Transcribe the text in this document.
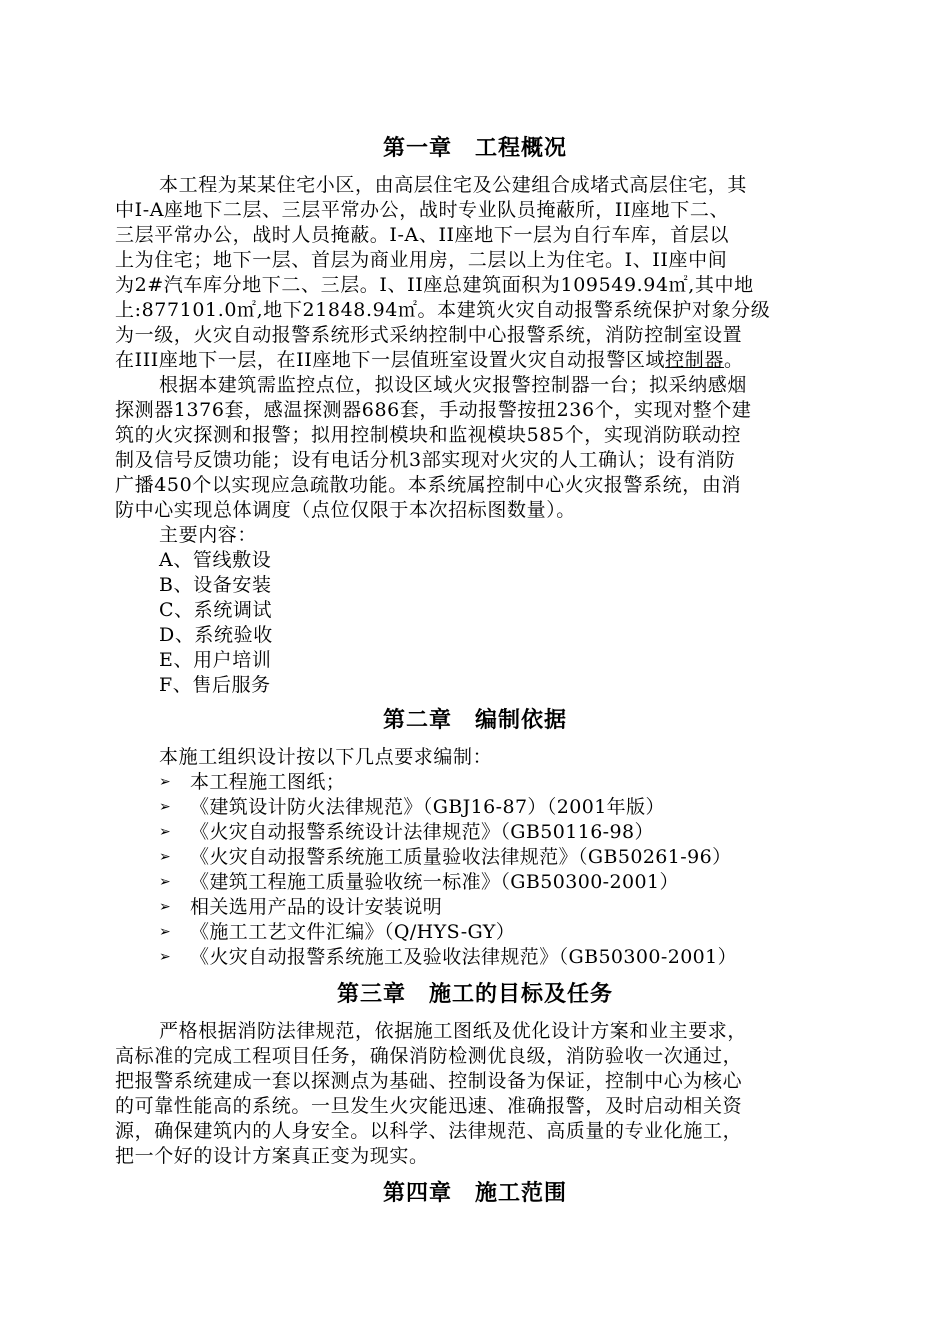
第一章　工程概况
本工程为某某住宅小区，由高层住宅及公建组合成堵式高层住宅，其
中I-A座地下二层、三层平常办公，战时专业队员掩蔽所，II座地下二、
三层平常办公，战时人员掩蔽。I-A、II座地下一层为自行车库，首层以
上为住宅；地下一层、首层为商业用房，二层以上为住宅。I、II座中间
为2#汽车库分地下二、三层。I、II座总建筑面积为109549.94㎡,其中地
上:877101.0㎡,地下21848.94㎡。本建筑火灾自动报警系统保护对象分级
为一级，火灾自动报警系统形式采纳控制中心报警系统，消防控制室设置
在III座地下一层，在II座地下一层值班室设置火灾自动报警区域控制器。
根据本建筑需监控点位，拟设区域火灾报警控制器一台；拟采纳感烟
探测器1376套，感温探测器686套，手动报警按扭236个，实现对整个建
筑的火灾探测和报警；拟用控制模块和监视模块585个，实现消防联动控
制及信号反馈功能；设有电话分机3部实现对火灾的人工确认；设有消防
广播450个以实现应急疏散功能。本系统属控制中心火灾报警系统，由消
防中心实现总体调度（点位仅限于本次招标图数量）。
主要内容：
A、管线敷设
B、设备安装
C、系统调试
D、系统验收
E、用户培训
F、售后服务
第二章　编制依据
本施工组织设计按以下几点要求编制：
➢ 本工程施工图纸；
➢ 《建筑设计防火法律规范》（GBJ16-87）（2001年版）
➢ 《火灾自动报警系统设计法律规范》（GB50116-98）
➢ 《火灾自动报警系统施工质量验收法律规范》（GB50261-96）
➢ 《建筑工程施工质量验收统一标准》（GB50300-2001）
➢ 相关选用产品的设计安装说明
➢ 《施工工艺文件汇编》（Q/HYS-GY）
➢ 《火灾自动报警系统施工及验收法律规范》（GB50300-2001）
第三章　施工的目标及任务
严格根据消防法律规范，依据施工图纸及优化设计方案和业主要求，
高标准的完成工程项目任务，确保消防检测优良级，消防验收一次通过，
把报警系统建成一套以探测点为基础、控制设备为保证，控制中心为核心
的可靠性能高的系统。一旦发生火灾能迅速、准确报警，及时启动相关资
源，确保建筑内的人身安全。以科学、法律规范、高质量的专业化施工，
把一个好的设计方案真正变为现实。
第四章　施工范围
